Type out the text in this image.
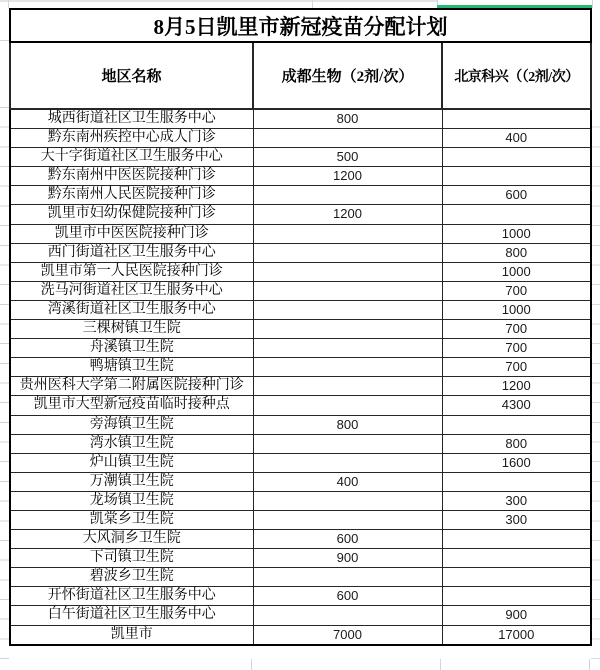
8月5日凯里市新冠疫苗分配计划		
地区名称	成都生物（2剂/次）	北京科兴（（2剂/次）
城西街道社区卫生服务中心	800	
黔东南州疾控中心成人门诊		400
大十字街道社区卫生服务中心	500	
黔东南州中医医院接种门诊	1200	
黔东南州人民医院接种门诊		600
凯里市妇幼保健院接种门诊	1200	
凯里市中医医院接种门诊		1000
西门街道社区卫生服务中心		800
凯里市第一人民医院接种门诊		1000
洗马河街道社区卫生服务中心		700
湾溪街道社区卫生服务中心		1000
三棵树镇卫生院		700
舟溪镇卫生院		700
鸭塘镇卫生院		700
贵州医科大学第二附属医院接种门诊		1200
凯里市大型新冠疫苗临时接种点		4300
旁海镇卫生院	800	
湾水镇卫生院		800
炉山镇卫生院		1600
万潮镇卫生院	400	
龙场镇卫生院		300
凯棠乡卫生院		300
大风洞乡卫生院	600	
下司镇卫生院	900	
碧波乡卫生院		
开怀街道社区卫生服务中心	600	
白午街道社区卫生服务中心		900
凯里市	7000	17000
